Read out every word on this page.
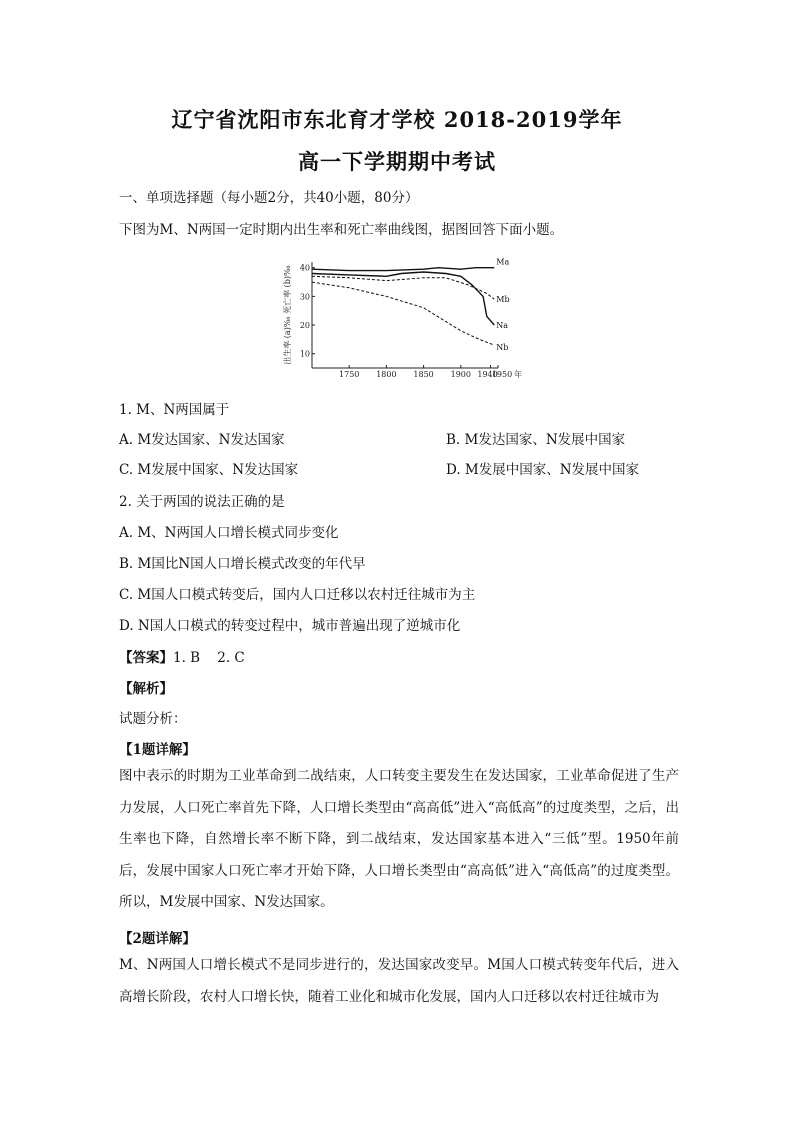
辽宁省沈阳市东北育才学校 2018-2019学年
高一下学期期中考试
一、单项选择题（每小题2分，共40小题，80分）
下图为M、N两国一定时期内出生率和死亡率曲线图，据图回答下面小题。
40
30
20
10
1750 1800 1850 1900 1940
1950 年
出生率 (a)‰ 死亡率 (b)‰
Ma
Mb
Na
Nb
1. M、N两国属于
A. M发达国家、N发达国家	B. M发达国家、N发展中国家
C. M发展中国家、N发达国家	D. M发展中国家、N发展中国家
2. 关于两国的说法正确的是
A. M、N两国人口增长模式同步变化
B. M国比N国人口增长模式改变的年代早
C. M国人口模式转变后，国内人口迁移以农村迁往城市为主
D. N国人口模式的转变过程中，城市普遍出现了逆城市化
【答案】1. B    2. C
【解析】
试题分析：
【1题详解】
图中表示的时期为工业革命到二战结束，人口转变主要发生在发达国家，工业革命促进了生产力发展，人口死亡率首先下降，人口增长类型由“高高低”进入“高低高”的过度类型，之后，出生率也下降，自然增长率不断下降，到二战结束，发达国家基本进入“三低”型。1950年前后，发展中国家人口死亡率才开始下降，人口增长类型由“高高低”进入“高低高”的过度类型。所以，M发展中国家、N发达国家。
【2题详解】
M、N两国人口增长模式不是同步进行的，发达国家改变早。M国人口模式转变年代后，进入高增长阶段，农村人口增长快，随着工业化和城市化发展，国内人口迁移以农村迁往城市为
